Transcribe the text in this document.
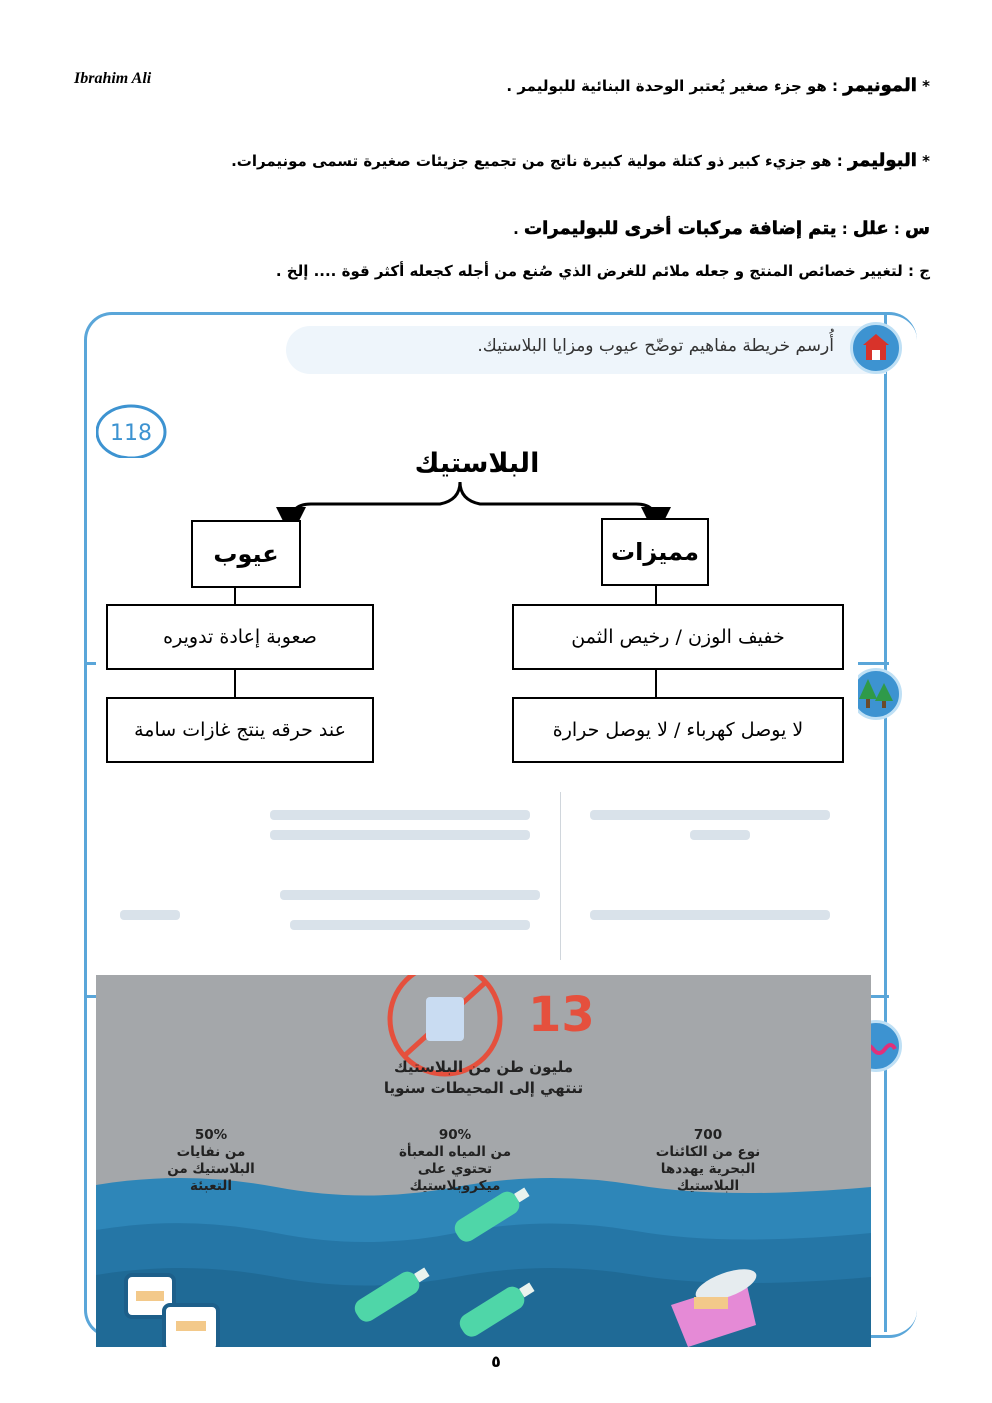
Ibrahim Ali	* المونيمر : هو جزء صغير يُعتبر الوحدة البنائية للبوليمر .
* البوليمر : هو جزيء كبير ذو كتلة مولية كبيرة ناتج من تجميع جزيئات صغيرة تسمى مونيمرات.
س : علل : يتم إضافة مركبات أخرى للبوليمرات .
ج : لتغيير خصائص المنتج و جعله ملائم للغرض الذي صُنع من أجله كجعله أكثر قوة .... إلخ .
أُرسم خريطة مفاهيم توضّح عيوب ومزايا البلاستيك.
البلاستيك
مميزات
عيوب
خفيف الوزن / رخيص الثمن
لا يوصل كهرباء / لا يوصل حرارة
صعوبة إعادة تدويره
عند حرقه ينتج غازات سامة
118
13
مليون طن من البلاستيك
تنتهي إلى المحيطات سنويا
700
نوع من الكائنات
البحرية يهددها
البلاستيك
90%
من المياه المعبأة
تحتوي على
ميكروبلاستيك
50%
من نفايات
البلاستيك من
التعبئة
٥
